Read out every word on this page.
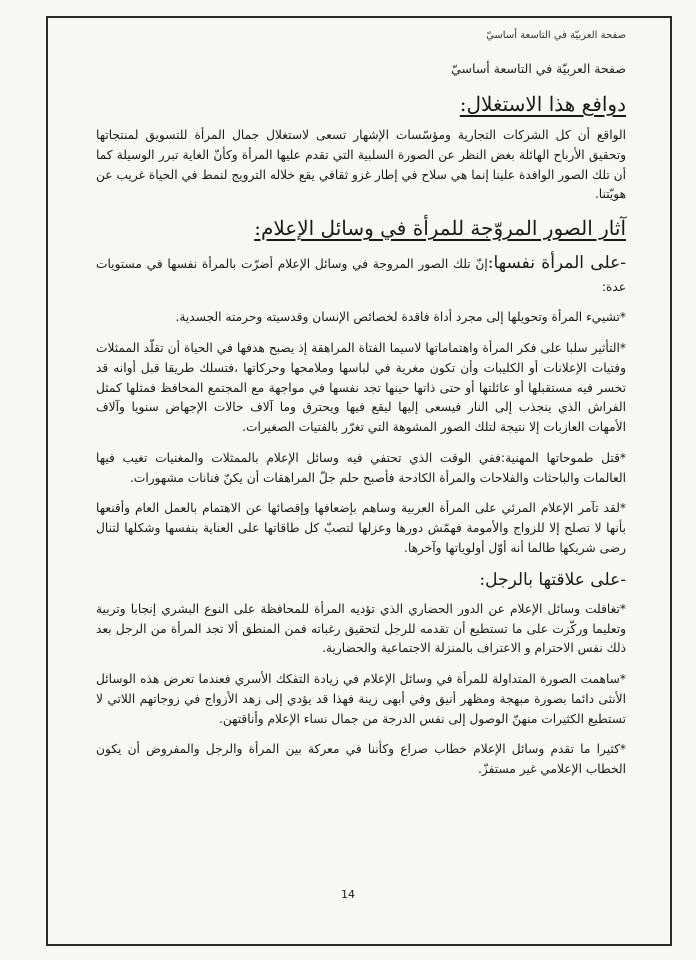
صفحة العربيّة في التاسعة أساسيّ
صفحة العربيّة في التاسعة أساسيّ
دوافع هذا الاستغلال:

الواقع أن كل الشركات التجارية ومؤسّسات الإشهار تسعى لاستغلال جمال المرأة للتسويق لمنتجاتها وتحقيق الأرباح الهائلة بغض النظر عن الصورة السلبية التي تقدم عليها المرأة وكأنّ الغاية تبرر الوسيلة كما أن تلك الصور الوافدة علينا إنما هي سلاح في إطار غزو ثقافي يقع خلاله الترويج لنمط في الحياة غريب عن هويّتنا.

آثار الصور المروّجة للمرأة في وسائل الإعلام:

-على المرأة نفسها:إنّ تلك الصور المروجة في وسائل الإعلام أضرّت بالمرأة نفسها في مستويات عدة:

*تشييء المرأة وتحويلها إلى مجرد أداة فاقدة لخصائص الإنسان وقدسيته وحرمته الجسدية.

*التأثير سلبا على فكر المرأة واهتماماتها لاسيما الفتاة المراهقة إذ يصبح هدفها في الحياة أن تقلّد الممثلات وفتيات الإعلانات أو الكليبات وأن تكون مغرية في لباسها وملامحها وحركاتها ،فتسلك طريقا قبل أوانه قد تخسر فيه مستقبلها أو عائلتها أو حتى ذاتها حينها تجد نفسها في مواجهة مع المجتمع المحافظ فمثلها كمثل الفراش الذي ينجذب إلى النار فيسعى إليها ليقع فيها ويحترق وما آلاف حالات الإجهاض سنويا وآلاف الأمهات العازبات إلا نتيجة لتلك الصور المشوهة التي تغرّر بالفتيات الصغيرات.

*قتل طموحاتها المهنية:ففي الوقت الذي تحتفي فيه وسائل الإعلام بالممثلات والمغنيات تغيب فيها العالمات والباحثات والفلاحات والمرأة الكادحة فأصبح حلم جلّ المراهقات أن يكنّ فنانات مشهورات.

*لقد تآمر الإعلام المرئي على المرأة العربية وساهم بإضعافها وإقصائها عن الاهتمام بالعمل العام وأقنعها بأنها لا تصلح إلا للزواج والأمومة فهمّش دورها وعزلها لتصبّ كل طاقاتها على العناية بنفسها وشكلها لتنال رضى شريكها طالما أنه أوّل أولوياتها وآخرها.

-على علاقتها بالرجل:

*تغافلت وسائل الإعلام عن الدور الحضاري الذي تؤديه المرأة للمحافظة على النوع البشري إنجابا وتربية وتعليما وركّزت على ما تستطيع أن تقدمه للرجل لتحقيق رغباته فمن المنطق ألا تجد المرأة من الرجل بعد ذلك نفس الاحترام و الاعتراف بالمنزلة الاجتماعية والحضارية.

*ساهمت الصورة المتداولة للمرأة في وسائل الإعلام في زيادة التفكك الأسري فعندما تعرض هذه الوسائل الأنثى دائما بصورة مبهجة ومظهر أنيق وفي أبهى زينة فهذا قد يؤدي إلى زهد الأزواج في زوجاتهم اللاتي لا تستطيع الكثيرات منهنّ الوصول إلى نفس الدرجة من جمال نساء الإعلام وأناقتهن.

*كثيرا ما تقدم وسائل الإعلام خطاب صراع وكأننا في معركة بين المرأة والرجل والمفروض أن يكون الخطاب الإعلامي غير مستفزّ.

14
